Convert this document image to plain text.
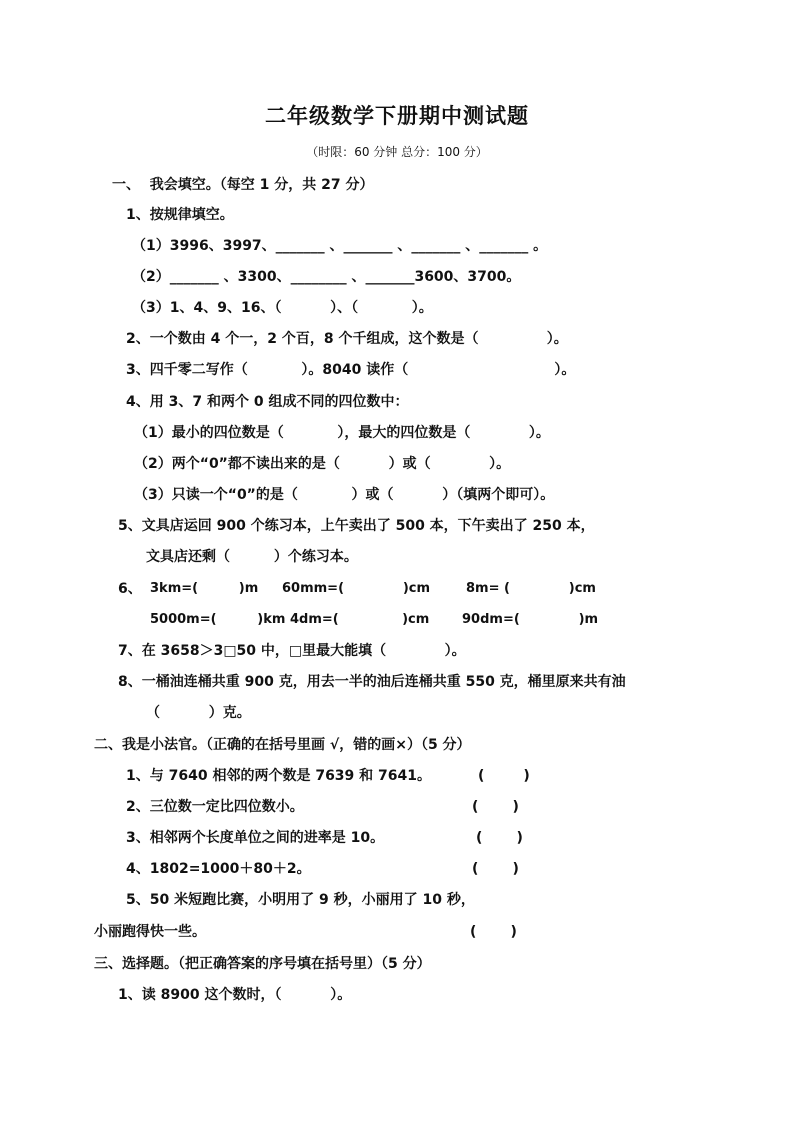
二年级数学下册期中测试题
（时限：60 分钟 总分：100 分）
一、  我会填空。（每空 1 分，共 27 分）
1、按规律填空。
（1）3996、3997、_______ 、_______ 、_______ 、_______ 。
（2）_______ 、3300、________ 、_______3600、3700。
（3）1、4、9、16、（          ）、（           ）。
2、一个数由 4 个一，2 个百，8 个千组成，这个数是（              ）。
3、四千零二写作（           ）。8040 读作（                              ）。
4、用 3、7 和两个 0 组成不同的四位数中：
（1）最小的四位数是（           ），最大的四位数是（            ）。
（2）两个“0”都不读出来的是（          ）或（            ）。
（3）只读一个“0”的是（           ）或（          ）（填两个即可）。
5、文具店运回 900 个练习本，上午卖出了 500 本，下午卖出了 250 本，
文具店还剩（         ）个练习本。
6、 3km=(         )m 60mm=(             )cm	8m= (             )cm
5000m=(         )km 4dm=(              )cm	90dm=(             )m
7、在 3658＞3□50 中，□里最大能填（            ）。
8、一桶油连桶共重 900 克，用去一半的油后连桶共重 550 克，桶里原来共有油
（          ）克。
二、我是小法官。（正确的在括号里画 √，错的画×）（5 分）
1、与 7640 相邻的两个数是 7639 和 7641。	(        )
2、三位数一定比四位数小。	(       )
3、相邻两个长度单位之间的进率是 10。	(       )
4、1802=1000＋80＋2。	(       )
5、50 米短跑比赛，小明用了 9 秒，小丽用了 10 秒，
小丽跑得快一些。	(       )
三、选择题。（把正确答案的序号填在括号里）（5 分）
1、读 8900 这个数时，（          ）。
